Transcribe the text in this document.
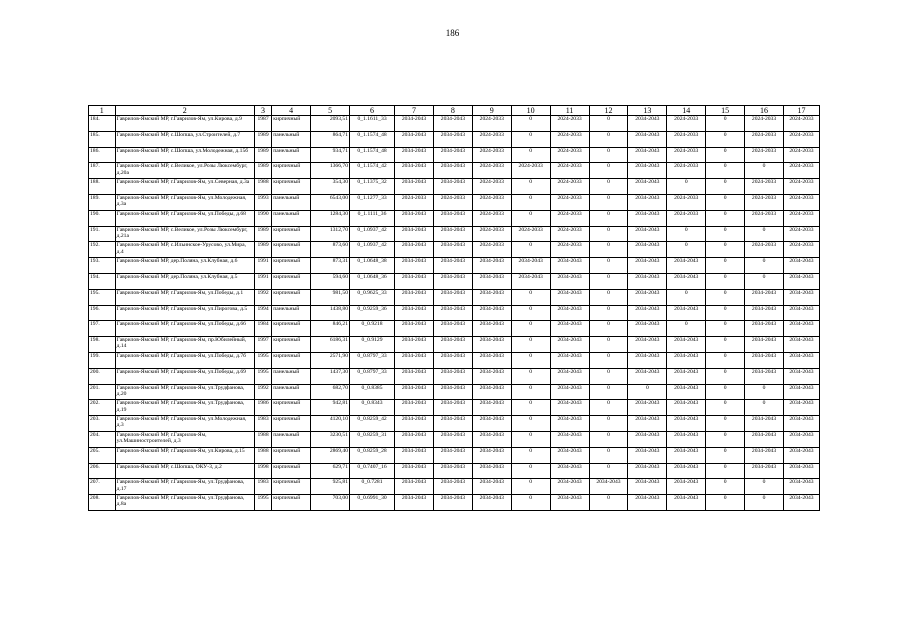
186
1	2	3	4	5	6	7	8	9	10	11	12	13	14	15	16	17
184.	Гаврилов-Ямский МР, г.Гаврилов-Ям, ул.Кирова, д.9	1987	кирпичный	2093,51	0_1.1611_33	2034-2043	2034-2043	2024-2033	0	2024-2033	0	2034-2043	2024-2033	0	2024-2033	2024-2033
185.	Гаврилов-Ямский МР, с.Шопша, ул.Строителей, д.7	1989	панельный	864,71	0_1.1574_48	2034-2043	2034-2043	2024-2033	0	2024-2033	0	2034-2043	2024-2033	0	2024-2033	2024-2033
186.	Гаврилов-Ямский МР, с.Шопша, ул.Молодежная, д.15б	1989	панельный	934,71	0_1.1574_48	2034-2043	2034-2043	2024-2033	0	2024-2033	0	2034-2043	2024-2033	0	2024-2033	2024-2033
187.	Гаврилов-Ямский МР, с.Великое, ул.Розы Люксембург, д.20а	1989	кирпичный	1366,70	0_1.1574_42	2034-2043	2034-2043	2024-2033	2024-2033	2024-2033	0	2034-2043	2024-2033	0	0	2024-2033
188.	Гаврилов-Ямский МР, г.Гаврилов-Ям, ул.Северная, д.3а	1988	кирпичный	354,30	0_1.1375_32	2034-2043	2034-2043	2024-2033	0	2024-2033	0	2034-2043	0	0	2024-2033	2024-2033
189.	Гаврилов-Ямский МР, г.Гаврилов-Ям, ул.Молодежная, д.3а	1993	панельный	6543,00	0_1.1277_33	2024-2033	2024-2033	2024-2033	0	2024-2033	0	2034-2043	2024-2033	0	2024-2033	2024-2033
190.	Гаврилов-Ямский МР, г.Гаврилов-Ям, ул.Победы, д.68	1990	панельный	1284,30	0_1.1111_36	2034-2043	2034-2043	2024-2033	0	2024-2033	0	2034-2043	2024-2033	0	2024-2033	2024-2033
191.	Гаврилов-Ямский МР, с.Великое, ул.Розы Люксембург, д.21а	1989	кирпичный	1312,70	0_1.0937_42	2034-2043	2034-2043	2024-2033	2024-2033	2024-2033	0	2034-2043	0	0	0	2024-2033
192.	Гаврилов-Ямский МР, с.Ильинское-Урусово, ул.Мира, д.4	1989	кирпичный	873,60	0_1.0937_42	2034-2043	2034-2043	2024-2033	0	2024-2033	0	2034-2043	0	0	2024-2033	2024-2033
193.	Гаврилов-Ямский МР, дер.Поляна, ул.Клубная, д.6	1991	кирпичный	873,31	0_1.0648_38	2034-2043	2034-2043	2034-2043	2034-2043	2034-2043	0	2034-2043	2034-2043	0	0	2034-2043
194.	Гаврилов-Ямский МР, дер.Поляна, ул.Клубная, д.5	1991	кирпичный	594,60	0_1.0648_36	2034-2043	2034-2043	2034-2043	2034-2043	2034-2043	0	2034-2043	2034-2043	0	0	2034-2043
195.	Гаврилов-Ямский МР, г.Гаврилов-Ям, ул.Победы, д.1	1992	кирпичный	981,50	0_0.9625_33	2034-2043	2034-2043	2034-2043	0	2034-2043	0	2034-2043	0	0	2034-2043	2034-2043
196.	Гаврилов-Ямский МР, г.Гаврилов-Ям, ул.Пирогова, д.5	1994	панельный	1438,80	0_0.9259_36	2034-2043	2034-2043	2034-2043	0	2034-2043	0	2034-2043	2034-2043	0	2034-2043	2034-2043
197.	Гаврилов-Ямский МР, г.Гаврилов-Ям, ул.Победы, д.66	1984	кирпичный	846,21	0_0.9218	2034-2043	2034-2043	2034-2043	0	2034-2043	0	2034-2043	0	0	2034-2043	2034-2043
198.	Гаврилов-Ямский МР, г.Гаврилов-Ям, пр.Юбилейный, д.14	1997	кирпичный	6186,31	0_0.9129	2034-2043	2034-2043	2034-2043	0	2034-2043	0	2034-2043	2034-2043	0	2034-2043	2034-2043
199.	Гаврилов-Ямский МР, г.Гаврилов-Ям, ул.Победы, д.7б	1995	кирпичный	2571,90	0_0.8797_33	2034-2043	2034-2043	2034-2043	0	2034-2043	0	2034-2043	2034-2043	0	2034-2043	2034-2043
200.	Гаврилов-Ямский МР, г.Гаврилов-Ям, ул.Победы, д.69	1995	панельный	1437,30	0_0.8797_33	2034-2043	2034-2043	2034-2043	0	2034-2043	0	2034-2043	2034-2043	0	2034-2043	2034-2043
201.	Гаврилов-Ямский МР, г.Гаврилов-Ям, ул.Трудфанова, д.20	1992	панельный	682,70	0_0.8385	2034-2043	2034-2043	2034-2043	0	2034-2043	0	0	2034-2043	0	0	2034-2043
202.	Гаврилов-Ямский МР, г.Гаврилов-Ям, ул.Трудфанова, д.19	1986	кирпичный	942,81	0_0.8343	2034-2043	2034-2043	2034-2043	0	2034-2043	0	2034-2043	2034-2043	0	0	2034-2043
203.	Гаврилов-Ямский МР, г.Гаврилов-Ям, ул.Молодежная, д.3	1983	кирпичный	4120,10	0_0.8259_42	2034-2043	2034-2043	2034-2043	0	2034-2043	0	2034-2043	2034-2043	0	2034-2043	2034-2043
204.	Гаврилов-Ямский МР, г.Гаврилов-Ям, ул.Машиностроителей, д.3	1988	панельный	3230,51	0_0.8259_31	2034-2043	2034-2043	2034-2043	0	2034-2043	0	2034-2043	2034-2043	0	2034-2043	2034-2043
205.	Гаврилов-Ямский МР, г.Гаврилов-Ям, ул.Кирова, д.15	1988	кирпичный	2869,40	0_0.8259_28	2034-2043	2034-2043	2034-2043	0	2034-2043	0	2034-2043	2034-2043	0	2034-2043	2034-2043
206.	Гаврилов-Ямский МР, с.Шопша, ОКУ-3, д.2	1998	кирпичный	629,71	0_0.7407_16	2034-2043	2034-2043	2034-2043	0	2034-2043	0	2034-2043	2034-2043	0	2034-2043	2034-2043
207.	Гаврилов-Ямский МР, г.Гаврилов-Ям, ул.Трудфанова, д.17	1983	кирпичный	925,81	0_0.7281	2034-2043	2034-2043	2034-2043	0	2034-2043	2034-2043	2034-2043	2034-2043	0	0	2034-2043
208.	Гаврилов-Ямский МР, г.Гаврилов-Ям, ул.Трудфанова, д.8а	1995	кирпичный	703,00	0_0.6991_30	2034-2043	2034-2043	2034-2043	0	2034-2043	0	2034-2043	2034-2043	0	0	2034-2043
